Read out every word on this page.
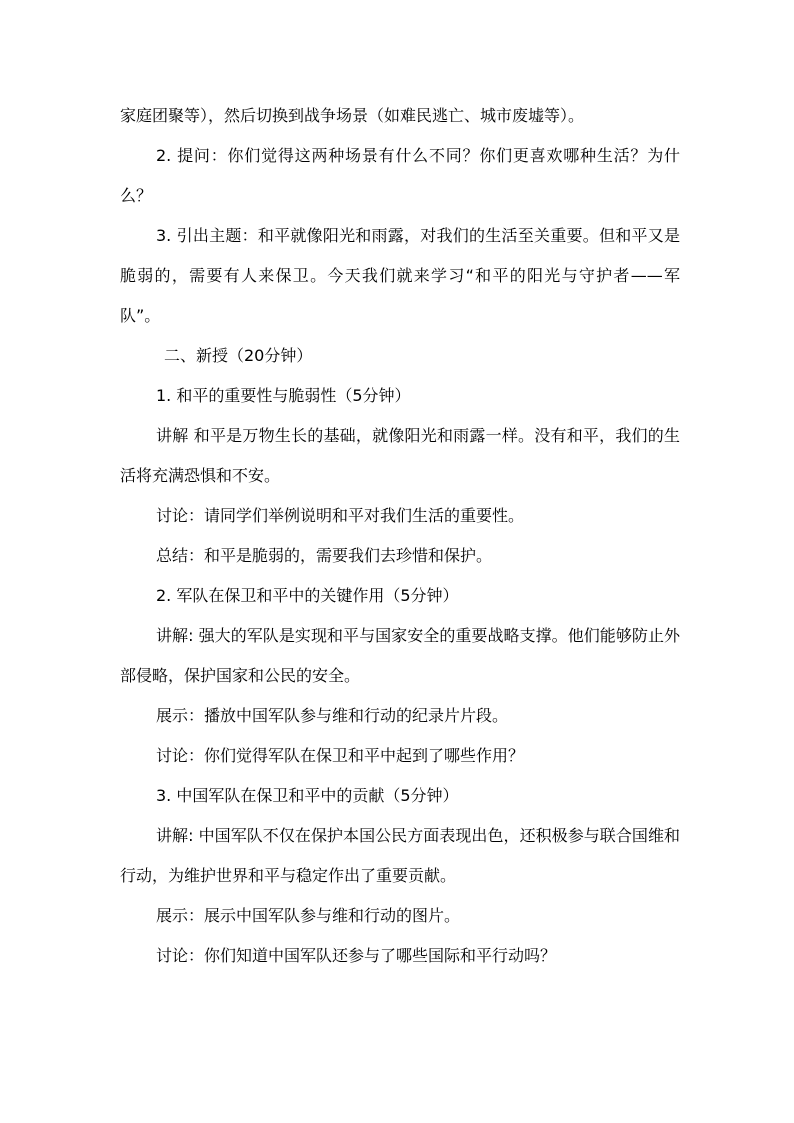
家庭团聚等），然后切换到战争场景（如难民逃亡、城市废墟等）。

2. 提问：你们觉得这两种场景有什么不同？你们更喜欢哪种生活？为什么？

3. 引出主题：和平就像阳光和雨露，对我们的生活至关重要。但和平又是脆弱的，需要有人来保卫。今天我们就来学习“和平的阳光与守护者——军队”。

二、新授（20分钟）

1. 和平的重要性与脆弱性（5分钟）

讲解 和平是万物生长的基础，就像阳光和雨露一样。没有和平，我们的生活将充满恐惧和不安。

讨论：请同学们举例说明和平对我们生活的重要性。

总结：和平是脆弱的，需要我们去珍惜和保护。

2. 军队在保卫和平中的关键作用（5分钟）

讲解: 强大的军队是实现和平与国家安全的重要战略支撑。他们能够防止外部侵略，保护国家和公民的安全。

展示：播放中国军队参与维和行动的纪录片片段。

讨论：你们觉得军队在保卫和平中起到了哪些作用？

3. 中国军队在保卫和平中的贡献（5分钟）

讲解: 中国军队不仅在保护本国公民方面表现出色，还积极参与联合国维和行动，为维护世界和平与稳定作出了重要贡献。

展示：展示中国军队参与维和行动的图片。

讨论：你们知道中国军队还参与了哪些国际和平行动吗？
